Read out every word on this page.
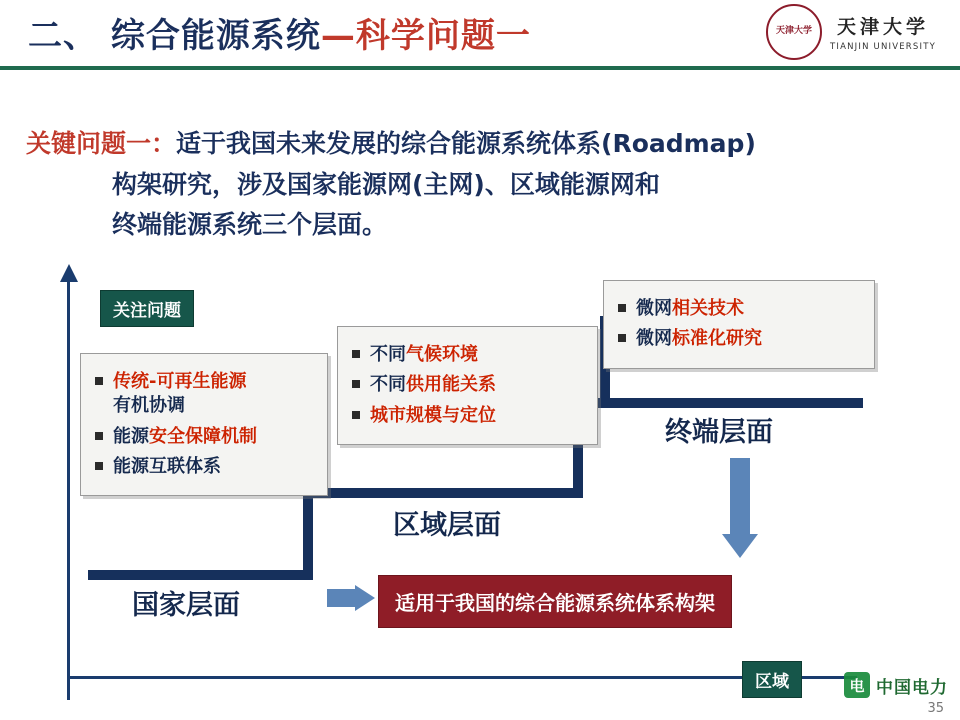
二、 综合能源系统—科学问题一	天津大学	天津大学
TIANJIN UNIVERSITY
关键问题一：适于我国未来发展的综合能源系统体系(Roadmap)
构架研究，涉及国家能源网(主网)、区域能源网和
终端能源系统三个层面。
关注问题
传统-可再生能源
有机协调
能源安全保障机制
能源互联体系
不同气候环境
不同供用能关系
城市规模与定位
微网相关技术
微网标准化研究
国家层面
区域层面
终端层面
适用于我国的综合能源系统体系构架
区域	电 中国电力
35
